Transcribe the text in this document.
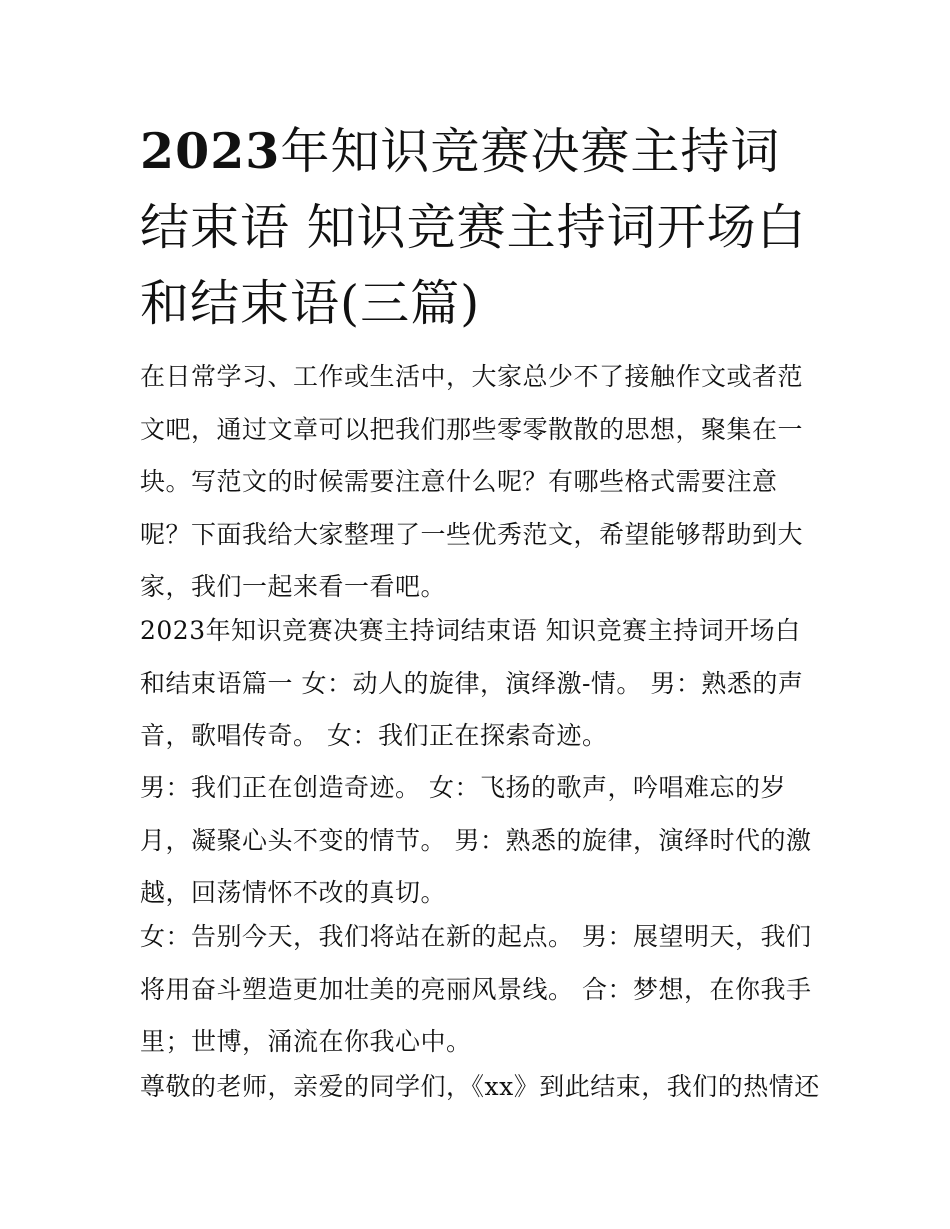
2023年知识竞赛决赛主持词结束语 知识竞赛主持词开场白和结束语(三篇)

在日常学习、工作或生活中，大家总少不了接触作文或者范文吧，通过文章可以把我们那些零零散散的思想，聚集在一块。写范文的时候需要注意什么呢？有哪些格式需要注意呢？下面我给大家整理了一些优秀范文，希望能够帮助到大家，我们一起来看一看吧。

2023年知识竞赛决赛主持词结束语 知识竞赛主持词开场白和结束语篇一 女：动人的旋律，演绎激-情。 男：熟悉的声音，歌唱传奇。 女：我们正在探索奇迹。

男：我们正在创造奇迹。 女：飞扬的歌声，吟唱难忘的岁月，凝聚心头不变的情节。 男：熟悉的旋律，演绎时代的激越，回荡情怀不改的真切。

女：告别今天，我们将站在新的起点。 男：展望明天，我们将用奋斗塑造更加壮美的亮丽风景线。 合：梦想，在你我手里；世博，涌流在你我心中。

尊敬的老师，亲爱的同学们，《xx》到此结束，我们的热情还
